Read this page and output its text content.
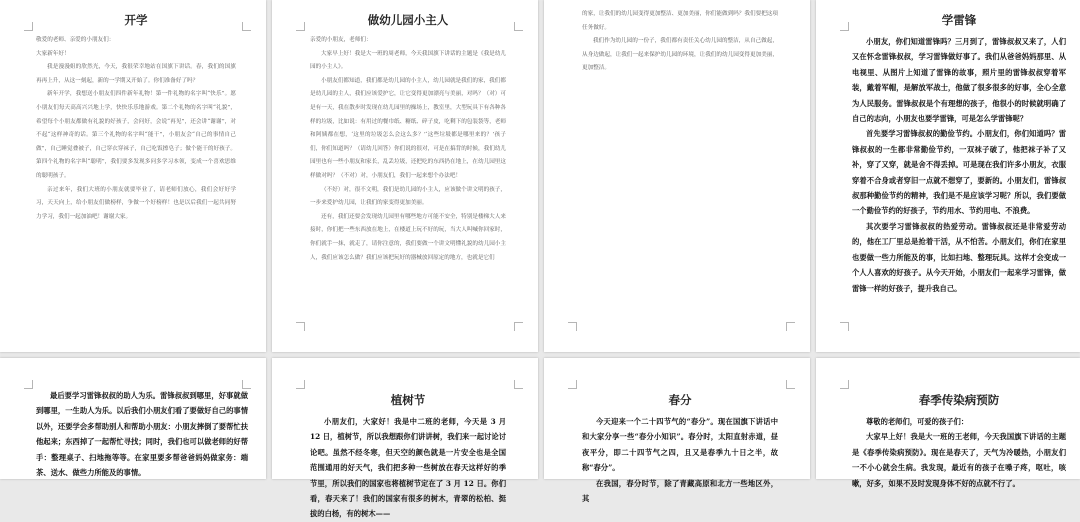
开学

敬爱的老师、亲爱的小朋友们：

大家新年好！

我是漫漫姐的欣然光，今天，我很荣幸地站在国旗下讲话。春，我们的国旗再再上升，从这一刻起，新的一学期又开始了。你们准备好了吗？

新年开学，我想送小朋友们四件新年礼物！第一件礼物的名字叫“快乐”。愿小朋友们每天高高兴兴地上学，快快乐乐地游戏。第二个礼物的名字叫“礼貌”，希望每个小朋友都做有礼貌的好孩子，会问好，会说“再见”，还会讲“谢谢”，对不起“这样神奇的话。第三个礼物的名字叫“能干”，小朋友会“自己的事情自己做”，自己睡觉叠被子，自己穿衣穿袜子，自己吃饭擦皂子；做个能干的好孩子。第四个礼物的名字叫“聪明”，我们要多发现多问多学习本领，变成一个喜欢思维的聪明孩子。

亲过来年，我们大班的小朋友就要毕业了，请老师们放心，我们会好好学习，天天向上，给小朋友们做榜样，争做一个好榜样！也是以后我们一起共同努力学习，我们一起加油吧！谢谢大家。

做幼儿园小主人

亲爱的小朋友，老师们：

大家早上好！我是大一班的周老师，今天我国旗下讲话的主题是《我是幼儿园的小主人》。

小朋友们都知道，我们都是幼儿园的小主人，幼儿园就是我们的家，我们都是幼儿园的主人，我们应该爱护它，让它变得更加漂亮与美丽，对吗？（对）可是有一天，我在散步时发现在幼儿园里的操场上，教室里，大型玩具下有各种各样的垃圾，比如说：有用过的餐巾纸、糖纸、碎子皮，吃剩下的包装袋等，老师和阿姨都在想，‘这里的垃圾怎么会这么多？’‘这些垃圾都是哪里来的？’孩子们，你们知道吗？（请幼儿回答）你们说的很对，可是在搞背的时候，我们幼儿园里也有一些小朋友和家长，乱丢垃圾，还把吃的东西扔在地上，在幼儿园里这样做对吗？（不对）对，小朋友们，我们一起来想个办法吧！

（不好）对，很不文明，我们是幼儿园的小主人，应该做个讲文明的孩子，一步来爱护幼儿园，让我们的家变得更加美丽。

还有，我们还要会发现幼儿园里有哪些地方可能不安全，特别是楼梯大人来接时，你们把一些东西放在地上，在楼道上玩不好的玩，当大人叫喊你回家时，你们就手一抹，就走了，请你注意的，我们要做一个讲文明懂礼貌的幼儿园小主人，我们应该怎么做？我们应该把玩好的器械放回原定的地方，也就是它们

的家，让我们的幼儿园变得更加整洁、更加美丽，你们能做到吗？我们要把这项任务做好。

我们作为幼儿园的一份子，我们都有责任关心幼儿园的整洁，从自己做起，从身边做起，让我们一起来保护幼儿园的环境，让我们的幼儿园变得更加美丽，更加整洁。

学雷锋

小朋友，你们知道雷锋吗？三月到了，雷锋叔叔又来了，人们又在怀念雷锋叔叔，学习雷锋做好事了。我们从爸爸妈妈那里、从电视里、从图片上知道了雷锋的故事，照片里的雷锋叔叔穿着军装，戴着军帽，是解放军战士，他做了很多很多的好事，全心全意为人民服务。雷锋叔叔是个有理想的孩子，他很小的时候就明确了自己的志向，小朋友也要学雷锋，可是怎么学雷锋呢？

首先要学习雷锋叔叔的勤俭节约。小朋友们，你们知道吗？雷锋叔叔的一生都非常勤俭节约，一双袜子破了，他把袜子补了又补，穿了又穿，就是舍不得丢掉。可是现在我们许多小朋友，衣服穿着不合身或者穿旧一点就不想穿了，要新的。小朋友们，雷锋叔叔那种勤俭节约的精神，我们是不是应该学习呢？所以，我们要做一个勤俭节约的好孩子，节约用水、节约用电、不浪费。

其次要学习雷锋叔叔的热爱劳动。雷锋叔叔还是非常爱劳动的，他在工厂里总是抢着干活，从不怕苦。小朋友们，你们在家里也要做一些力所能及的事，比如扫地、整理玩具。这样才会变成一个人人喜欢的好孩子。从今天开始，小朋友们一起来学习雷锋，做雷锋一样的好孩子，提升我自己。

最后要学习雷锋叔叔的助人为乐。雷锋叔叔到哪里，好事就做到哪里，一生助人为乐。以后我们小朋友们看了要做好自己的事情以外，还要学会多帮助别人和帮助小朋友：小朋友摔倒了要帮忙扶他起来；东西掉了一起帮忙寻找；同时，我们也可以做老师的好帮手：整理桌子、扫地拖等等。在家里要多帮爸爸妈妈做家务：端茶、送水、做些力所能及的事情。

植树节

小朋友们，大家好！我是中二班的老师，今天是 3 月 12 日，植树节，所以我想跟你们讲讲树，我们来一起讨论讨论吧。虽然不经冬寒，但天空的颜色就是一片安全也是全国范围通用的好天气，我们把多种一些树放在春天这样好的季节里，所以我们的国家也将植树节定在了 3 月 12 日。你们看，春天来了！我们的国家有很多的树木，青翠的松柏、挺拔的白杨，有的树木——

春分

今天迎来一个二十四节气的“春分”。现在国旗下讲话中和大家分享一些“春分小知识”。春分时，太阳直射赤道，昼夜平分，即二十四节气之四，且又是春季九十日之半，故称“春分”。

在我国，春分时节，除了青藏高原和北方一些地区外，其

春季传染病预防

尊敬的老师们，可爱的孩子们：

大家早上好！我是大一班的王老师，今天我国旗下讲话的主题是《春季传染病预防》。现在是春天了，天气为冷暖热，小朋友们一不小心就会生病。我发现，最近有的孩子在嗓子疼，呕吐，咳嗽，好多，如果不及时发现身体不好的点就不行了。
